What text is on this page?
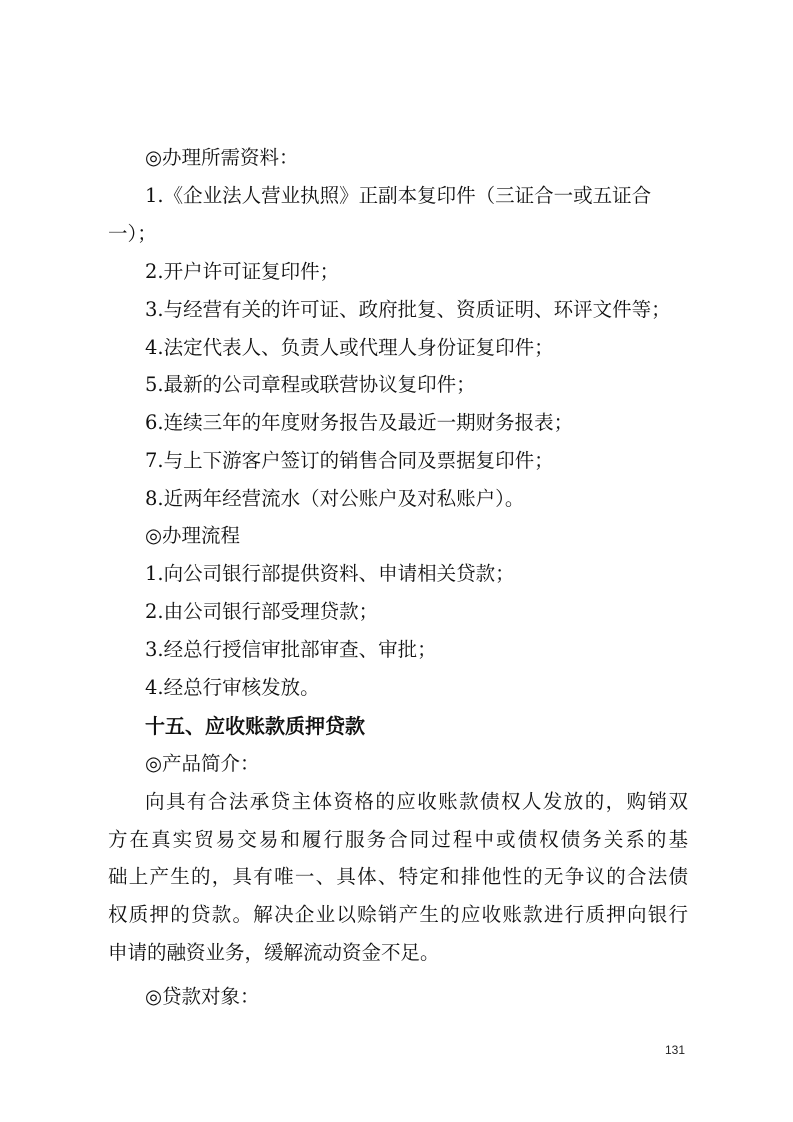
◎办理所需资料：
1.《企业法人营业执照》正副本复印件（三证合一或五证合
一）；
2.开户许可证复印件；
3.与经营有关的许可证、政府批复、资质证明、环评文件等；
4.法定代表人、负责人或代理人身份证复印件；
5.最新的公司章程或联营协议复印件；
6.连续三年的年度财务报告及最近一期财务报表；
7.与上下游客户签订的销售合同及票据复印件；
8.近两年经营流水（对公账户及对私账户）。
◎办理流程
1.向公司银行部提供资料、申请相关贷款；
2.由公司银行部受理贷款；
3.经总行授信审批部审查、审批；
4.经总行审核发放。
十五、应收账款质押贷款
◎产品简介：
向具有合法承贷主体资格的应收账款债权人发放的，购销双
方在真实贸易交易和履行服务合同过程中或债权债务关系的基
础上产生的，具有唯一、具体、特定和排他性的无争议的合法债
权质押的贷款。解决企业以赊销产生的应收账款进行质押向银行
申请的融资业务，缓解流动资金不足。
◎贷款对象：
131
